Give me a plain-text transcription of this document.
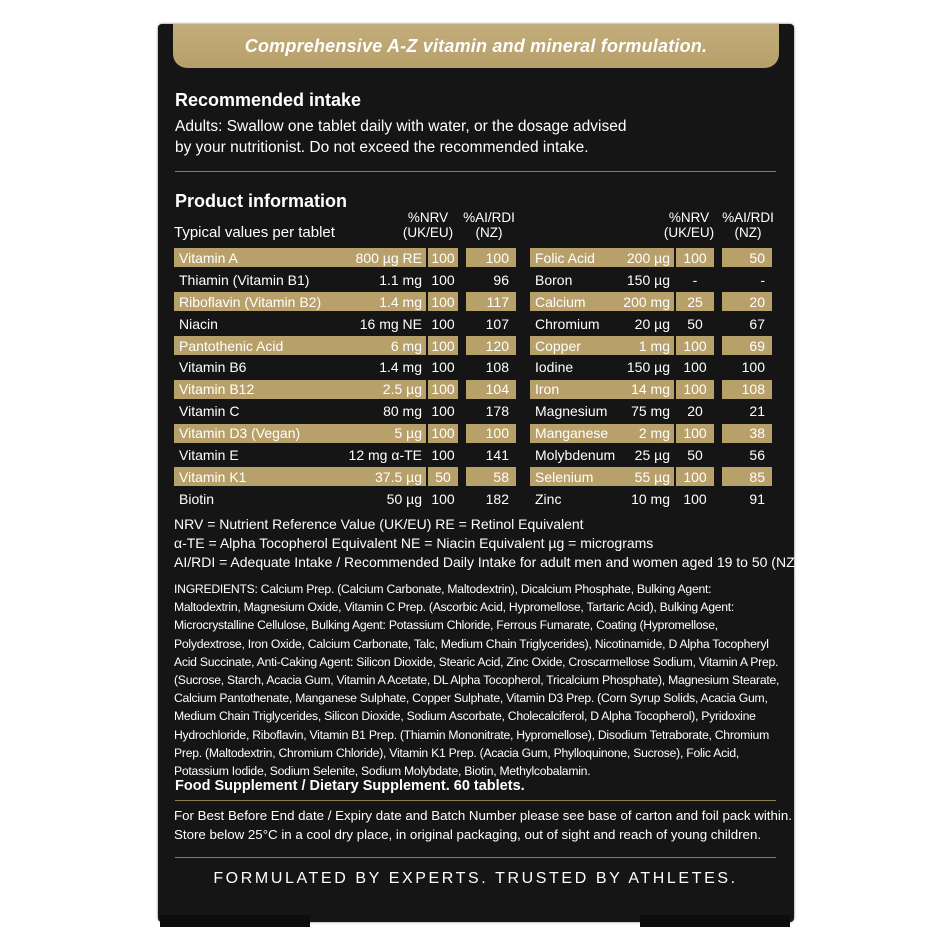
Comprehensive A-Z vitamin and mineral formulation.
Recommended intake
Adults: Swallow one tablet daily with water, or the dosage advised
by your nutritionist. Do not exceed the recommended intake.
Product information
Typical values per tablet
%NRV
(UK/EU)
%AI/RDI
(NZ)
%NRV
(UK/EU)
%AI/RDI
(NZ)
Vitamin A	800 µg RE 100	100
Thiamin (Vitamin B1)	1.1 mg 100	96
Riboflavin (Vitamin B2)	1.4 mg 100	117
Niacin	16 mg NE 100	107
Pantothenic Acid	6 mg 100	120
Vitamin B6	1.4 mg 100	108
Vitamin B12	2.5 µg 100	104
Vitamin C	80 mg 100	178
Vitamin D3 (Vegan)	5 µg 100	100
Vitamin E	12 mg α-TE 100	141
Vitamin K1	37.5 µg 50	58
Biotin	50 µg 100	182
Folic Acid 200 µg 100	50
Boron	150 µg	-	-
Calcium	200 mg	25	20
Chromium	20 µg	50	67
Copper	1 mg 100	69
Iodine	150 µg 100	100
Iron	14 mg 100	108
Magnesium 75 mg	20	21
Manganese 2 mg 100	38
Molybdenum 25 µg	50	56
Selenium	55 µg 100	85
Zinc	10 mg 100	91
NRV = Nutrient Reference Value (UK/EU) RE = Retinol Equivalent
α-TE = Alpha Tocopherol Equivalent NE = Niacin Equivalent µg = micrograms
AI/RDI = Adequate Intake / Recommended Daily Intake for adult men and women aged 19 to 50 (NZ)
INGREDIENTS: Calcium Prep. (Calcium Carbonate, Maltodextrin), Dicalcium Phosphate, Bulking Agent: Maltodextrin, Magnesium Oxide, Vitamin C Prep. (Ascorbic Acid, Hypromellose, Tartaric Acid), Bulking Agent: Microcrystalline Cellulose, Bulking Agent: Potassium Chloride, Ferrous Fumarate, Coating (Hypromellose, Polydextrose, Iron Oxide, Calcium Carbonate, Talc, Medium Chain Triglycerides), Nicotinamide, D Alpha Tocopheryl Acid Succinate, Anti-Caking Agent: Silicon Dioxide, Stearic Acid, Zinc Oxide, Croscarmellose Sodium, Vitamin A Prep. (Sucrose, Starch, Acacia Gum, Vitamin A Acetate, DL Alpha Tocopherol, Tricalcium Phosphate), Magnesium Stearate, Calcium Pantothenate, Manganese Sulphate, Copper Sulphate, Vitamin D3 Prep. (Corn Syrup Solids, Acacia Gum, Medium Chain Triglycerides, Silicon Dioxide, Sodium Ascorbate, Cholecalciferol, D Alpha Tocopherol), Pyridoxine Hydrochloride, Riboflavin, Vitamin B1 Prep. (Thiamin Mononitrate, Hypromellose), Disodium Tetraborate, Chromium Prep. (Maltodextrin, Chromium Chloride), Vitamin K1 Prep. (Acacia Gum, Phylloquinone, Sucrose), Folic Acid, Potassium Iodide, Sodium Selenite, Sodium Molybdate, Biotin, Methylcobalamin.
Food Supplement / Dietary Supplement. 60 tablets.
For Best Before End date / Expiry date and Batch Number please see base of carton and foil pack within.
Store below 25°C in a cool dry place, in original packaging, out of sight and reach of young children.
FORMULATED BY EXPERTS. TRUSTED BY ATHLETES.
